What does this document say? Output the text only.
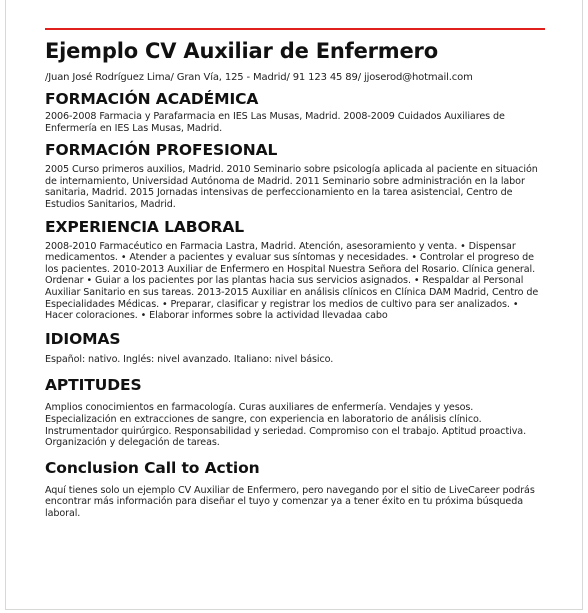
Ejemplo CV Auxiliar de Enfermero

/Juan José Rodríguez Lima/ Gran Vía, 125 - Madrid/ 91 123 45 89/ jjoserod@hotmail.com

FORMACIÓN ACADÉMICA

2006-2008 Farmacia y Parafarmacia en IES Las Musas, Madrid. 2008-2009 Cuidados Auxiliares de Enfermería en IES Las Musas, Madrid.

FORMACIÓN PROFESIONAL

2005 Curso primeros auxilios, Madrid. 2010 Seminario sobre psicología aplicada al paciente en situación de internamiento, Universidad Autónoma de Madrid. 2011 Seminario sobre administración en la labor sanitaria, Madrid. 2015 Jornadas intensivas de perfeccionamiento en la tarea asistencial, Centro de Estudios Sanitarios, Madrid.

EXPERIENCIA LABORAL

2008-2010 Farmacéutico en Farmacia Lastra, Madrid. Atención, asesoramiento y venta. • Dispensar medicamentos. • Atender a pacientes y evaluar sus síntomas y necesidades. • Controlar el progreso de los pacientes. 2010-2013 Auxiliar de Enfermero en Hospital Nuestra Señora del Rosario. Clínica general. Ordenar • Guiar a los pacientes por las plantas hacia sus servicios asignados. • Respaldar al Personal Auxiliar Sanitario en sus tareas. 2013-2015 Auxiliar en análisis clínicos en Clínica DAM Madrid, Centro de Especialidades Médicas. • Preparar, clasificar y registrar los medios de cultivo para ser analizados. • Hacer coloraciones. • Elaborar informes sobre la actividad llevadaa cabo

IDIOMAS

Español: nativo. Inglés: nivel avanzado. Italiano: nivel básico.

APTITUDES

Amplios conocimientos en farmacología. Curas auxiliares de enfermería. Vendajes y yesos. Especialización en extracciones de sangre, con experiencia en laboratorio de análisis clínico. Instrumentador quirúrgico. Responsabilidad y seriedad. Compromiso con el trabajo. Aptitud proactiva. Organización y delegación de tareas.

Conclusion Call to Action

Aquí tienes solo un ejemplo CV Auxiliar de Enfermero, pero navegando por el sitio de LiveCareer podrás encontrar más información para diseñar el tuyo y comenzar ya a tener éxito en tu próxima búsqueda laboral.
